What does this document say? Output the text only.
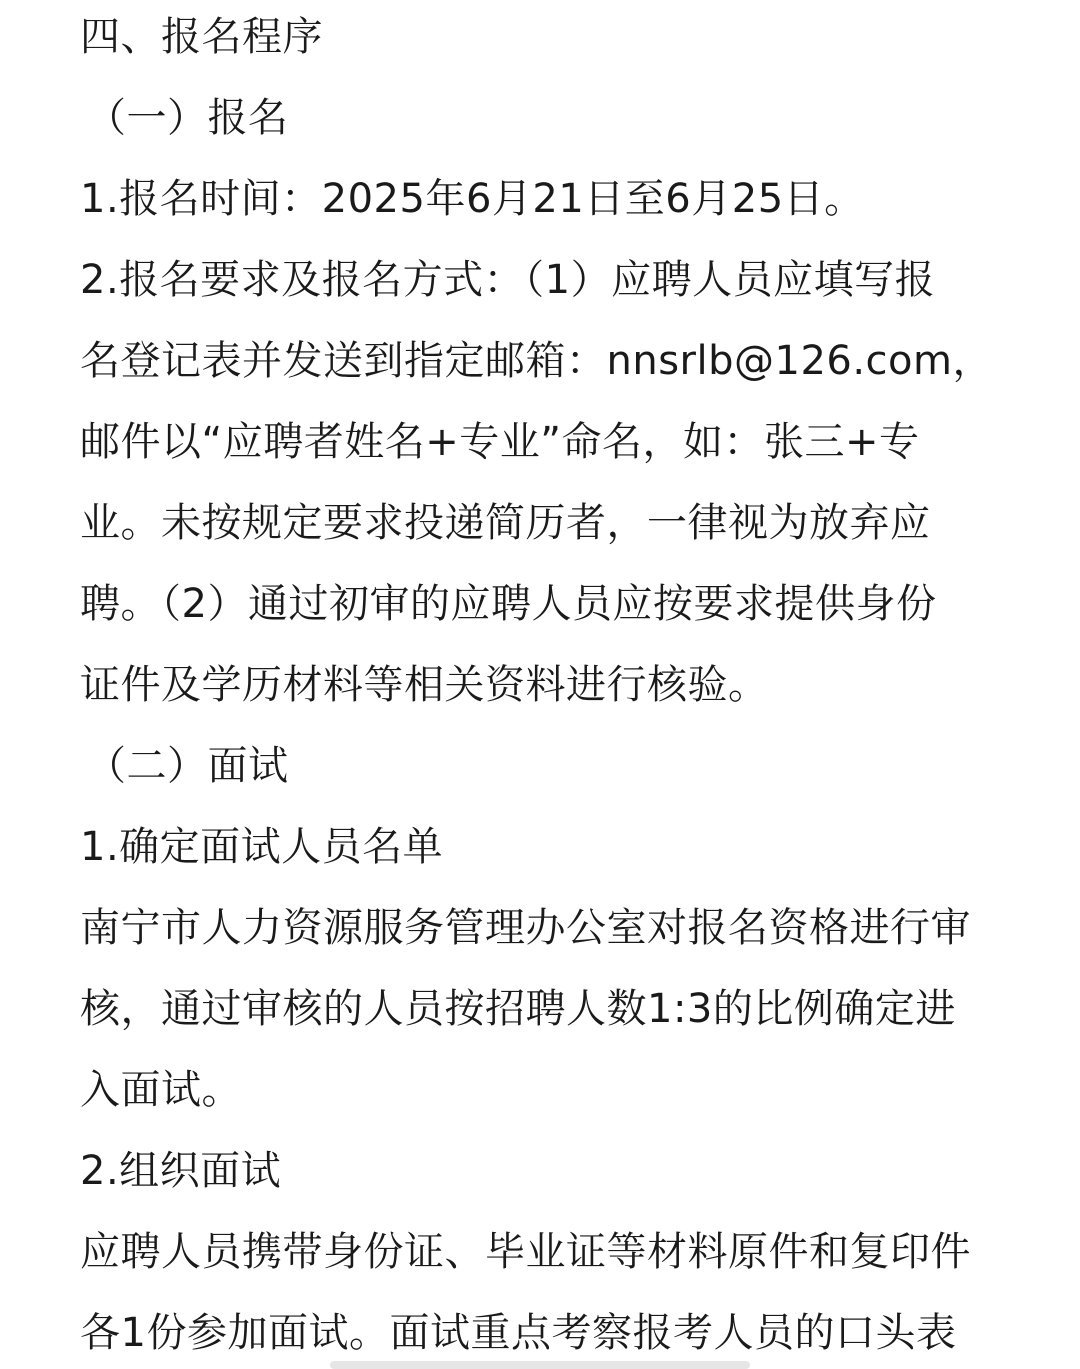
四、报名程序
（一）报名
1.报名时间：2025年6月21日至6月25日。
2.报名要求及报名方式：（1）应聘人员应填写报
名登记表并发送到指定邮箱：nnsrlb@126.com，
邮件以“应聘者姓名+专业”命名，如：张三+专
业。未按规定要求投递简历者，一律视为放弃应
聘。（2）通过初审的应聘人员应按要求提供身份
证件及学历材料等相关资料进行核验。
（二）面试
1.确定面试人员名单
南宁市人力资源服务管理办公室对报名资格进行审
核，通过审核的人员按招聘人数1:3的比例确定进
入面试。
2.组织面试
应聘人员携带身份证、毕业证等材料原件和复印件
各1份参加面试。面试重点考察报考人员的口头表
